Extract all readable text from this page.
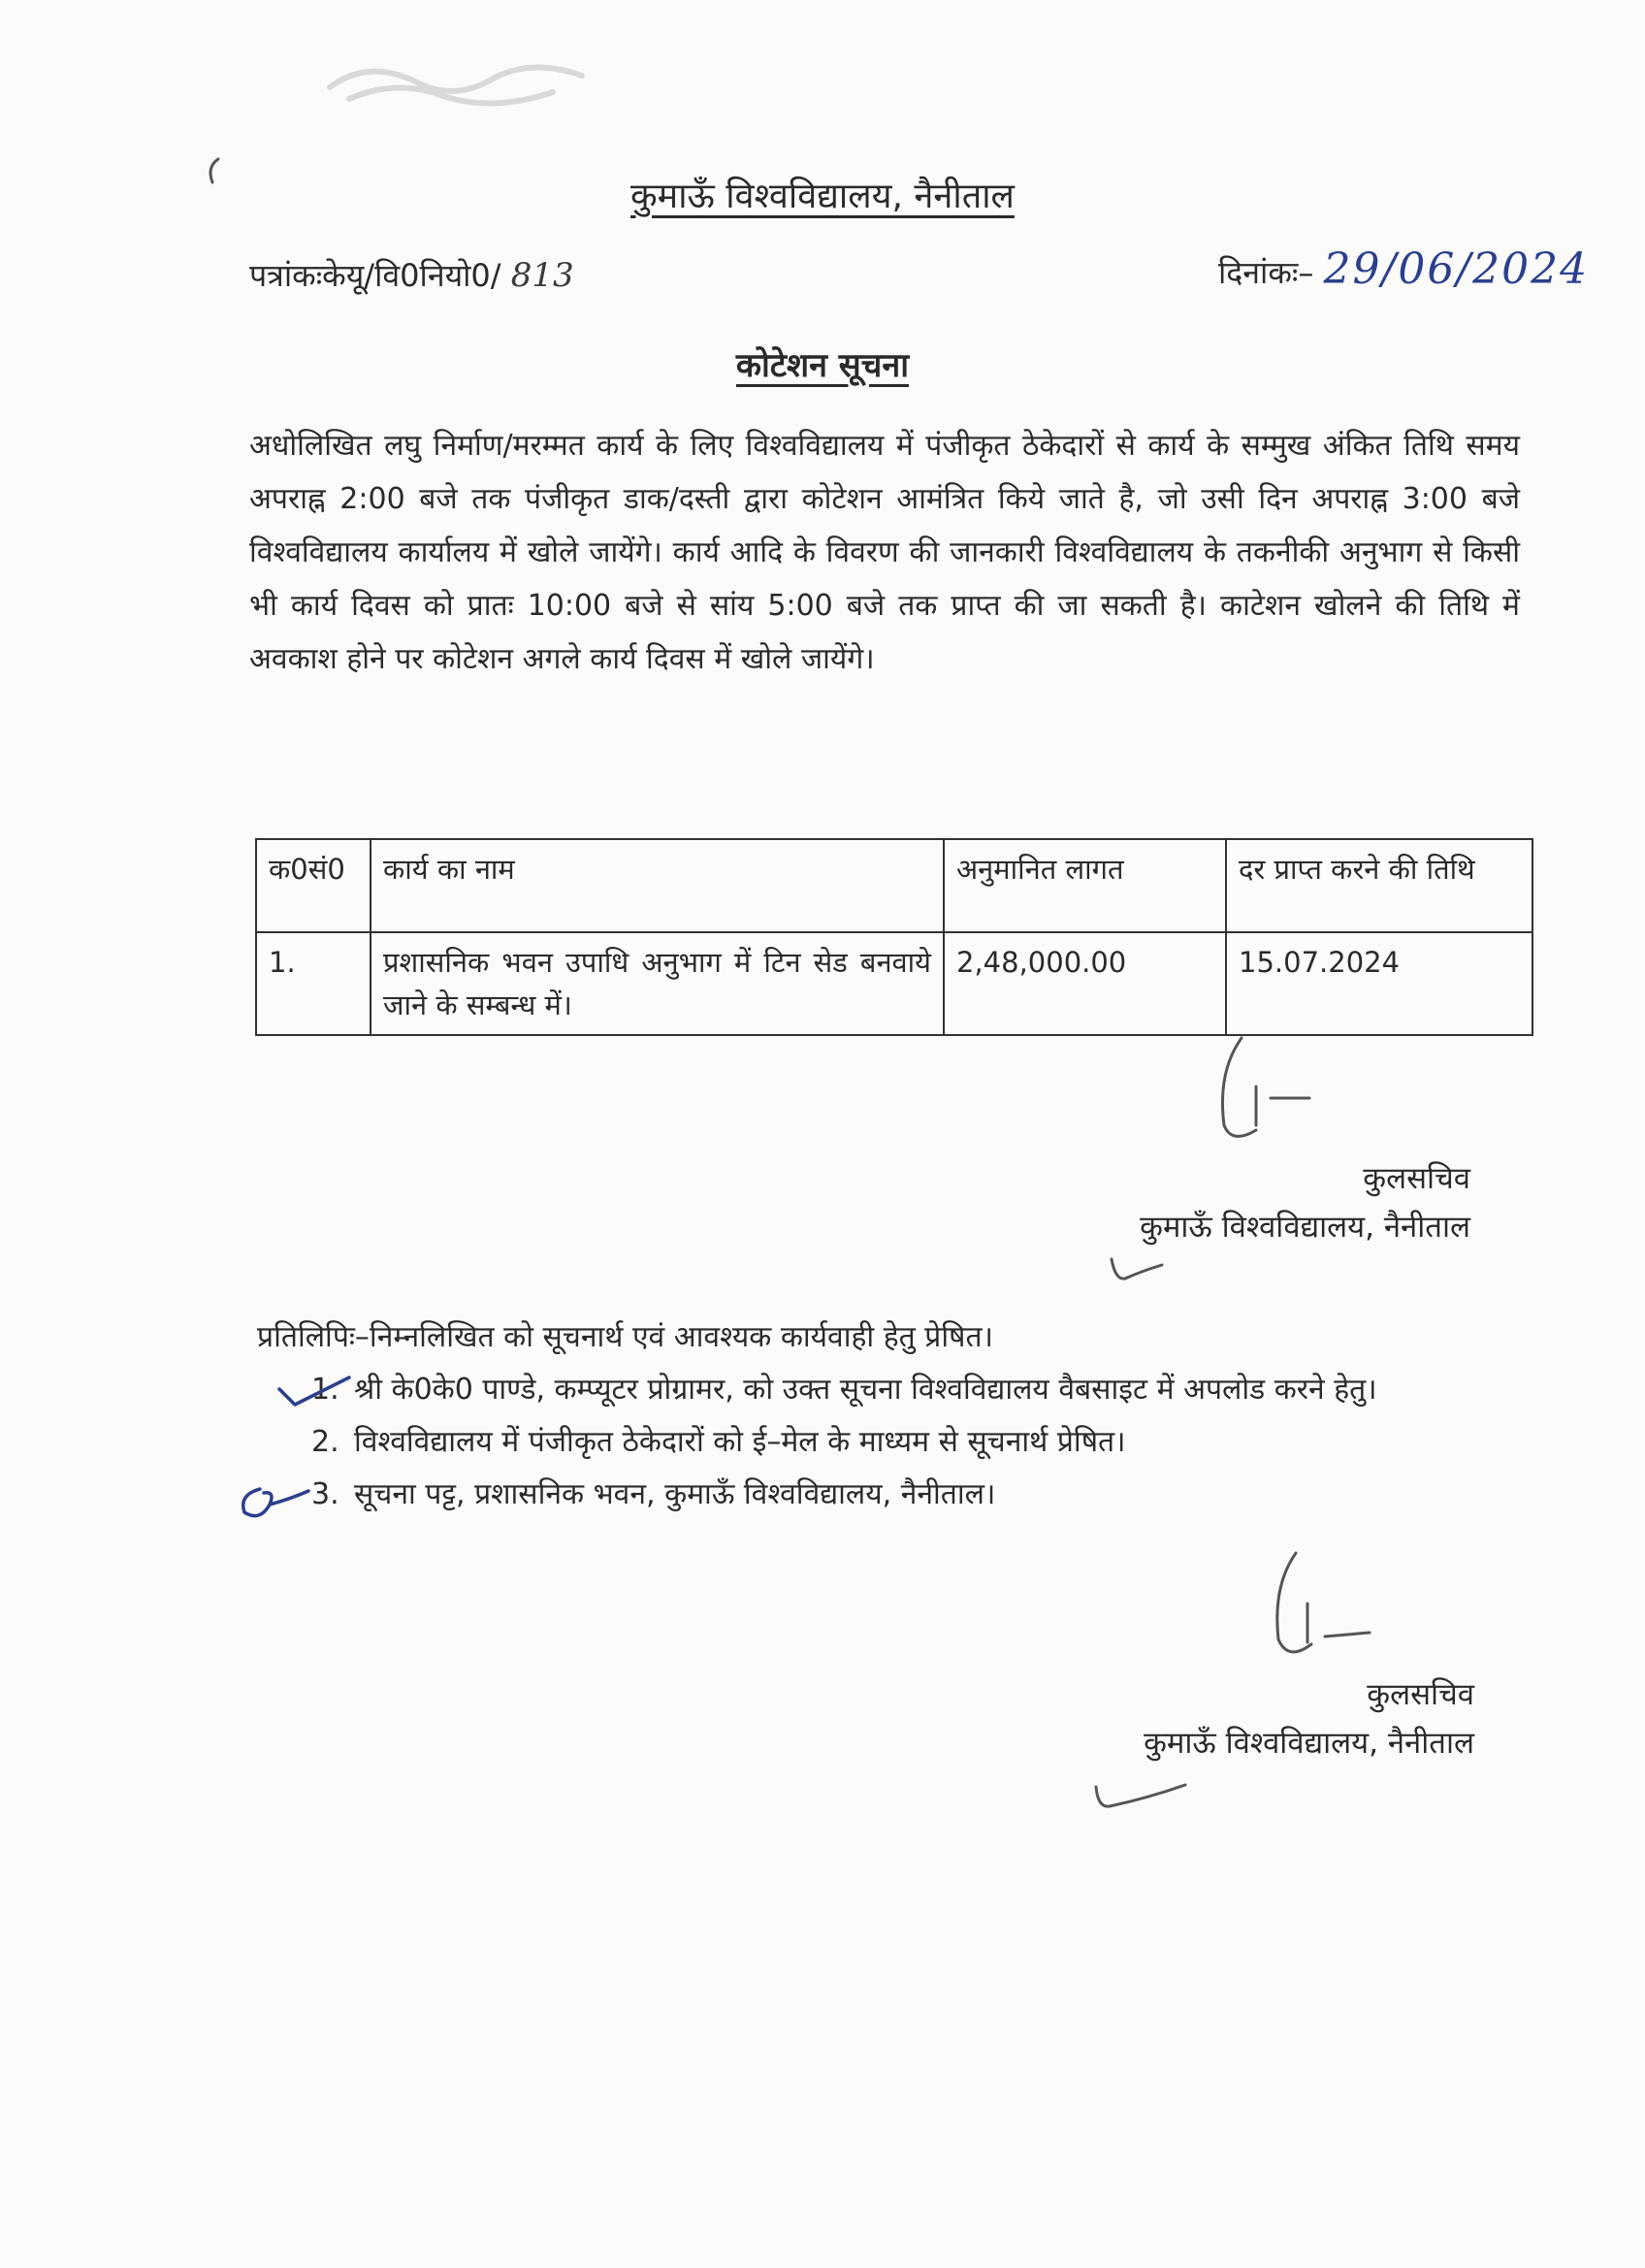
कुमाऊँ विश्वविद्यालय, नैनीताल
पत्रांकःकेयू/वि0नियो0/ 813	दिनांकः– 29/06/2024
कोटेशन सूचना
अधोलिखित लघु निर्माण/मरम्मत कार्य के लिए विश्वविद्यालय में पंजीकृत ठेकेदारों से कार्य के सम्मुख अंकित तिथि समय अपराह्न 2:00 बजे तक पंजीकृत डाक/दस्ती द्वारा कोटेशन आमंत्रित किये जाते है, जो उसी दिन अपराह्न 3:00 बजे विश्वविद्यालय कार्यालय में खोले जायेंगे। कार्य आदि के विवरण की जानकारी विश्वविद्यालय के तकनीकी अनुभाग से किसी भी कार्य दिवस को प्रातः 10:00 बजे से सांय 5:00 बजे तक प्राप्त की जा सकती है। काटेशन खोलने की तिथि में अवकाश होने पर कोटेशन अगले कार्य दिवस में खोले जायेंगे।
क0सं0	कार्य का नाम	अनुमानित लागत	दर प्राप्त करने की तिथि
1.	प्रशासनिक भवन उपाधि अनुभाग में टिन सेड बनवाये जाने के सम्बन्ध में।	2,48,000.00	15.07.2024
कुलसचिव
कुमाऊँ विश्वविद्यालय, नैनीताल
प्रतिलिपिः–निम्नलिखित को सूचनार्थ एवं आवश्यक कार्यवाही हेतु प्रेषित।
1. श्री के0के0 पाण्डे, कम्प्यूटर प्रोग्रामर, को उक्त सूचना विश्वविद्यालय वैबसाइट में अपलोड करने हेतु।
2. विश्वविद्यालय में पंजीकृत ठेकेदारों को ई–मेल के माध्यम से सूचनार्थ प्रेषित।
3. सूचना पट्ट, प्रशासनिक भवन, कुमाऊँ विश्वविद्यालय, नैनीताल।
कुलसचिव
कुमाऊँ विश्वविद्यालय, नैनीताल
